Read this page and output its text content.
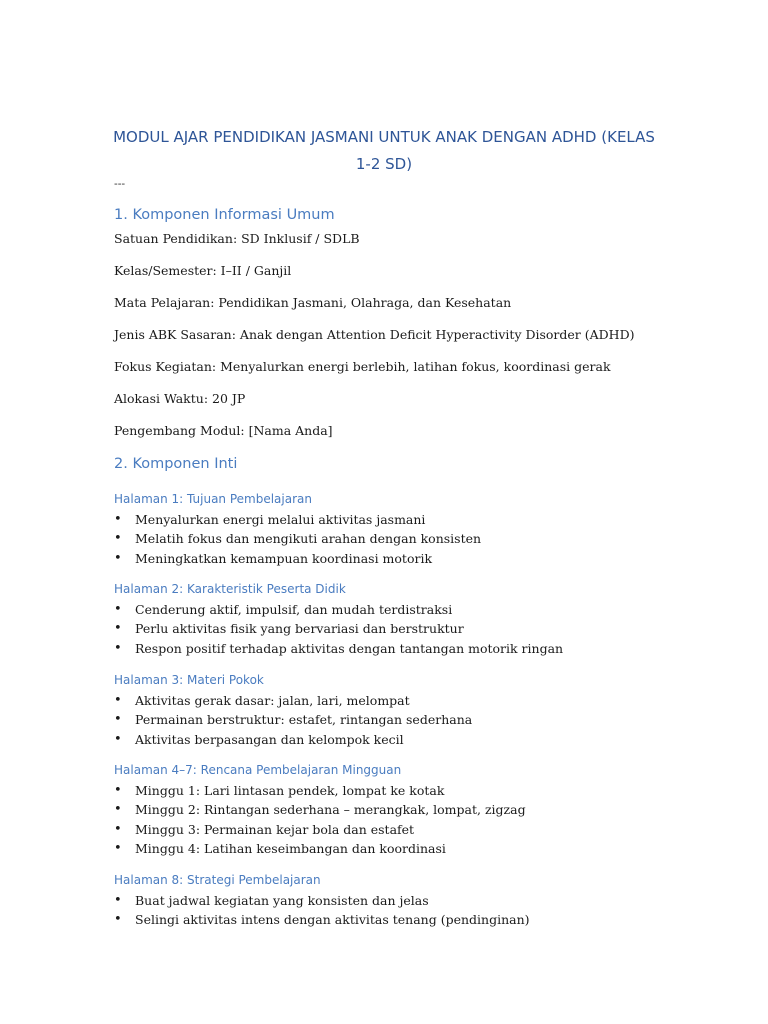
MODUL AJAR PENDIDIKAN JASMANI UNTUK ANAK DENGAN ADHD (KELAS
1-2 SD)
---
1. Komponen Informasi Umum
Satuan Pendidikan: SD Inklusif / SDLB
Kelas/Semester: I–II / Ganjil
Mata Pelajaran: Pendidikan Jasmani, Olahraga, dan Kesehatan
Jenis ABK Sasaran: Anak dengan Attention Deficit Hyperactivity Disorder (ADHD)
Fokus Kegiatan: Menyalurkan energi berlebih, latihan fokus, koordinasi gerak
Alokasi Waktu: 20 JP
Pengembang Modul: [Nama Anda]
2. Komponen Inti
Halaman 1: Tujuan Pembelajaran
• Menyalurkan energi melalui aktivitas jasmani
• Melatih fokus dan mengikuti arahan dengan konsisten
• Meningkatkan kemampuan koordinasi motorik
Halaman 2: Karakteristik Peserta Didik
• Cenderung aktif, impulsif, dan mudah terdistraksi
• Perlu aktivitas fisik yang bervariasi dan berstruktur
• Respon positif terhadap aktivitas dengan tantangan motorik ringan
Halaman 3: Materi Pokok
• Aktivitas gerak dasar: jalan, lari, melompat
• Permainan berstruktur: estafet, rintangan sederhana
• Aktivitas berpasangan dan kelompok kecil
Halaman 4–7: Rencana Pembelajaran Mingguan
• Minggu 1: Lari lintasan pendek, lompat ke kotak
• Minggu 2: Rintangan sederhana – merangkak, lompat, zigzag
• Minggu 3: Permainan kejar bola dan estafet
• Minggu 4: Latihan keseimbangan dan koordinasi
Halaman 8: Strategi Pembelajaran
• Buat jadwal kegiatan yang konsisten dan jelas
• Selingi aktivitas intens dengan aktivitas tenang (pendinginan)
